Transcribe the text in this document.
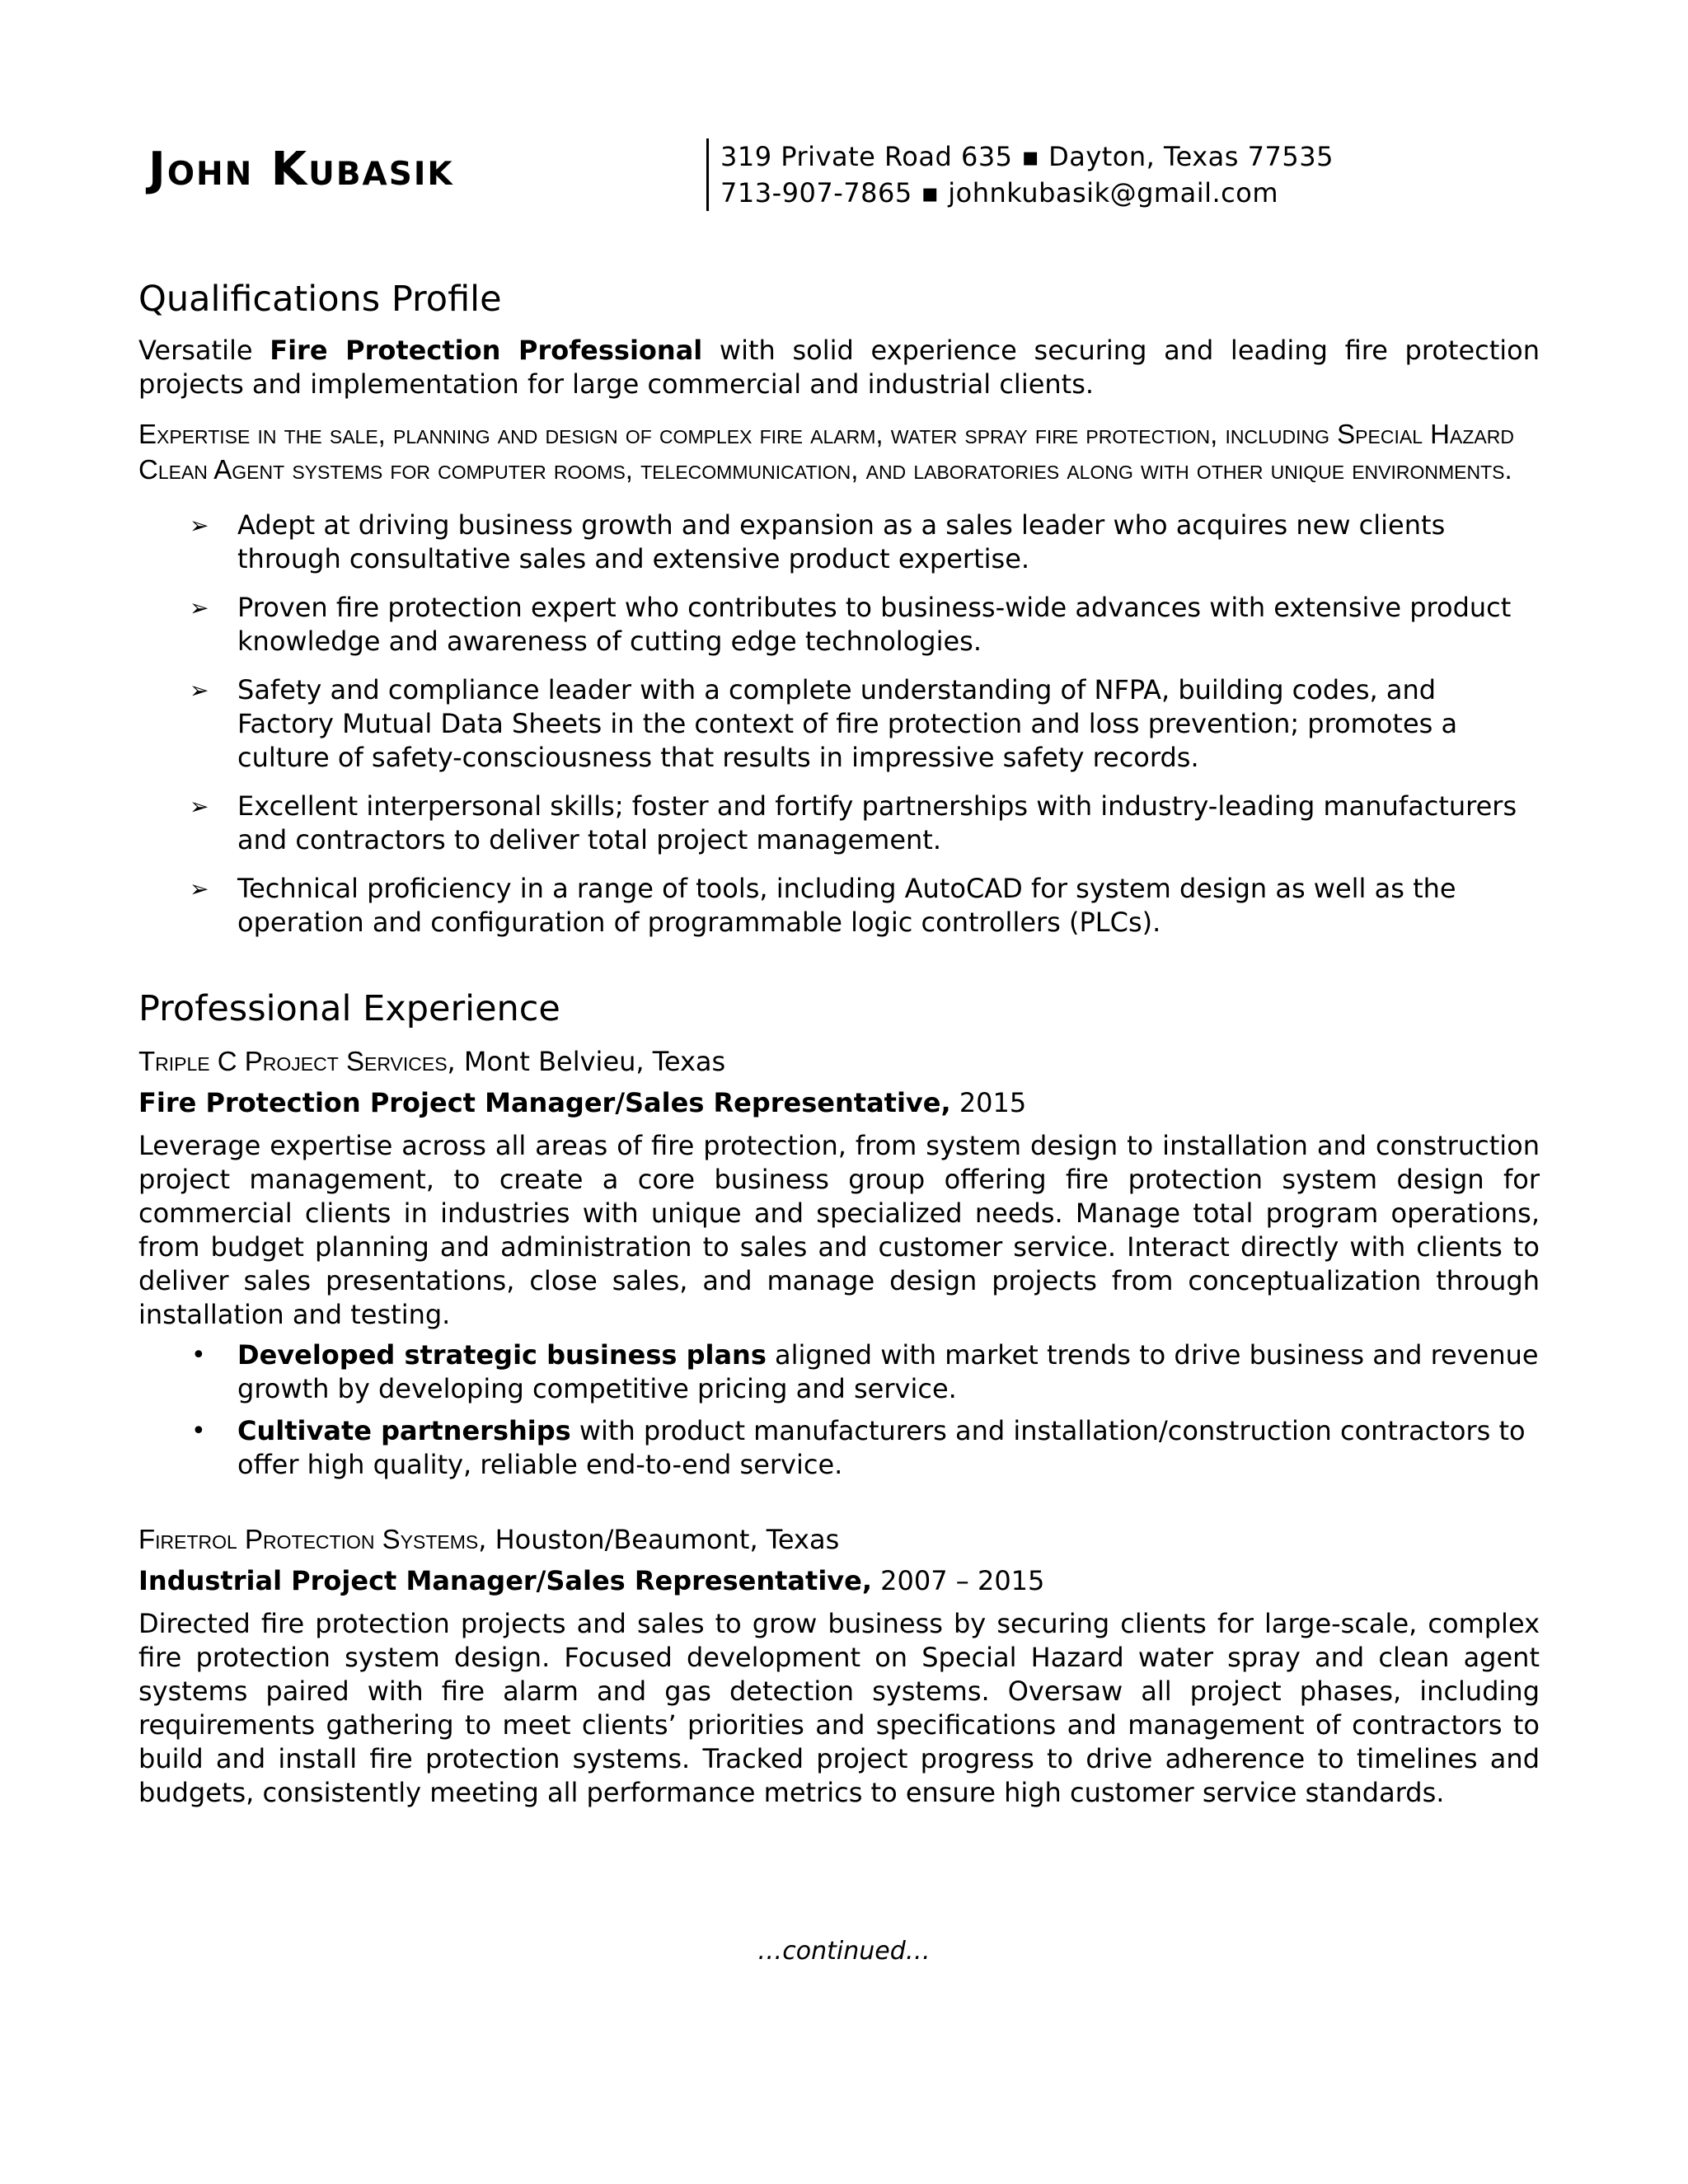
John Kubasik	319 Private Road 635 ▪ Dayton, Texas 77535
713-907-7865 ▪ johnkubasik@gmail.com
Qualifications Profile

Versatile Fire Protection Professional with solid experience securing and leading fire protection projects and implementation for large commercial and industrial clients.

Expertise in the sale, planning and design of complex fire alarm, water spray fire protection, including Special Hazard Clean Agent systems for computer rooms, telecommunication, and laboratories along with other unique environments.

➢ Adept at driving business growth and expansion as a sales leader who acquires new clients through consultative sales and extensive product expertise.
➢ Proven fire protection expert who contributes to business-wide advances with extensive product knowledge and awareness of cutting edge technologies.
➢ Safety and compliance leader with a complete understanding of NFPA, building codes, and Factory Mutual Data Sheets in the context of fire protection and loss prevention; promotes a culture of safety-consciousness that results in impressive safety records.
➢ Excellent interpersonal skills; foster and fortify partnerships with industry-leading manufacturers and contractors to deliver total project management.
➢ Technical proficiency in a range of tools, including AutoCAD for system design as well as the operation and configuration of programmable logic controllers (PLCs).
Professional Experience
Triple C Project Services, Mont Belvieu, Texas
Fire Protection Project Manager/Sales Representative, 2015

Leverage expertise across all areas of fire protection, from system design to installation and construction project management, to create a core business group offering fire protection system design for commercial clients in industries with unique and specialized needs. Manage total program operations, from budget planning and administration to sales and customer service. Interact directly with clients to deliver sales presentations, close sales, and manage design projects from conceptualization through installation and testing.

• Developed strategic business plans aligned with market trends to drive business and revenue growth by developing competitive pricing and service.
• Cultivate partnerships with product manufacturers and installation/construction contractors to offer high quality, reliable end-to-end service.
Firetrol Protection Systems, Houston/Beaumont, Texas
Industrial Project Manager/Sales Representative, 2007 – 2015

Directed fire protection projects and sales to grow business by securing clients for large-scale, complex fire protection system design. Focused development on Special Hazard water spray and clean agent systems paired with fire alarm and gas detection systems. Oversaw all project phases, including requirements gathering to meet clients’ priorities and specifications and management of contractors to build and install fire protection systems. Tracked project progress to drive adherence to timelines and budgets, consistently meeting all performance metrics to ensure high customer service standards.

…continued…
